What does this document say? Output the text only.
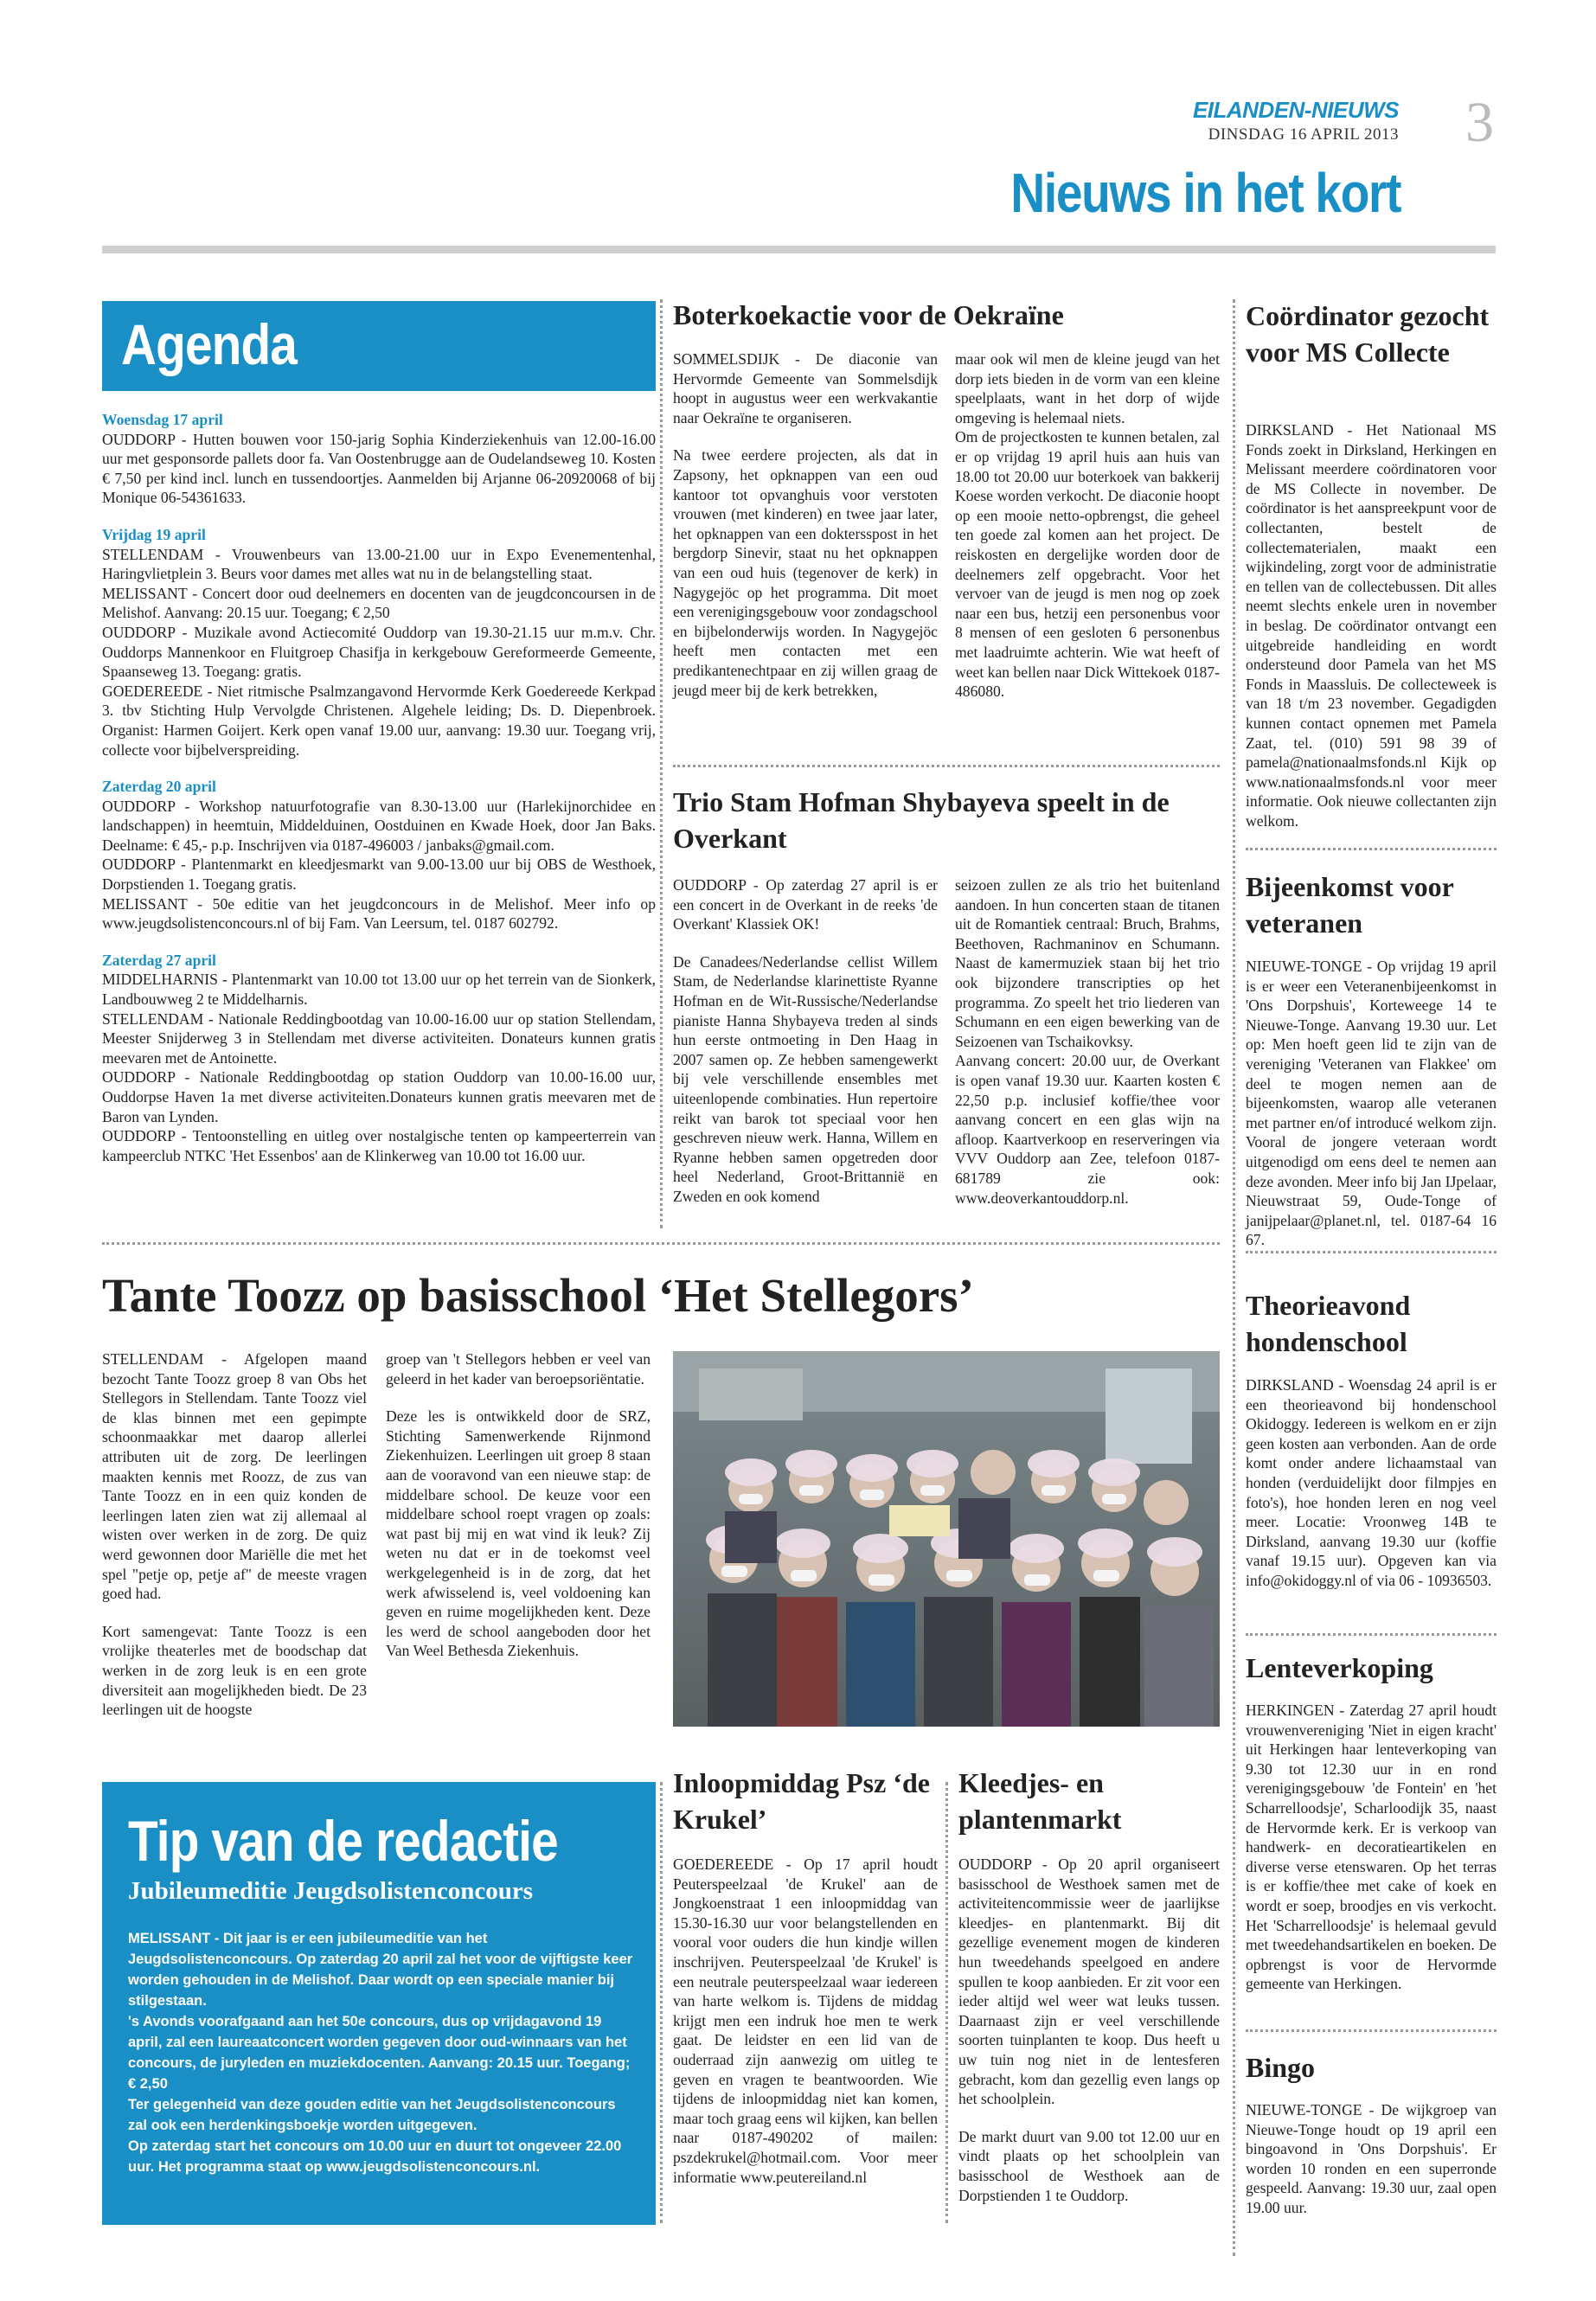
EILANDEN-NIEUWS
DINSDAG 16 APRIL 2013 3
Nieuws in het kort
Agenda
Woensdag 17 april

OUDDORP - Hutten bouwen voor 150-jarig Sophia Kinderziekenhuis van 12.00-16.00 uur met gesponsorde pallets door fa. Van Oostenbrugge aan de Oudelandseweg 10. Kosten € 7,50 per kind incl. lunch en tussendoortjes. Aanmelden bij Arjanne 06-20920068 of bij Monique 06-54361633.

Vrijdag 19 april

STELLENDAM - Vrouwenbeurs van 13.00-21.00 uur in Expo Evenementenhal, Haringvlietplein 3. Beurs voor dames met alles wat nu in de belangstelling staat.

MELISSANT - Concert door oud deelnemers en docenten van de jeugdconcoursen in de Melishof. Aanvang: 20.15 uur. Toegang; € 2,50

OUDDORP - Muzikale avond Actiecomité Ouddorp van 19.30-21.15 uur m.m.v. Chr. Ouddorps Mannenkoor en Fluitgroep Chasifja in kerkgebouw Gereformeerde Gemeente, Spaanseweg 13. Toegang: gratis.

GOEDEREEDE - Niet ritmische Psalmzangavond Hervormde Kerk Goedereede Kerkpad 3. tbv Stichting Hulp Vervolgde Christenen. Algehele leiding; Ds. D. Diepenbroek. Organist: Harmen Goijert. Kerk open vanaf 19.00 uur, aanvang: 19.30 uur. Toegang vrij, collecte voor bijbelverspreiding.

Zaterdag 20 april

OUDDORP - Workshop natuurfotografie van 8.30-13.00 uur (Harlekijnorchidee en landschappen) in heemtuin, Middelduinen, Oostduinen en Kwade Hoek, door Jan Baks. Deelname: € 45,- p.p. Inschrijven via 0187-496003 / janbaks@gmail.com.

OUDDORP - Plantenmarkt en kleedjesmarkt van 9.00-13.00 uur bij OBS de Westhoek, Dorpstienden 1. Toegang gratis.

MELISSANT - 50e editie van het jeugdconcours in de Melishof. Meer info op www.jeugdsolistenconcours.nl of bij Fam. Van Leersum, tel. 0187 602792.

Zaterdag 27 april

MIDDELHARNIS - Plantenmarkt van 10.00 tot 13.00 uur op het terrein van de Sionkerk, Landbouwweg 2 te Middelharnis.

STELLENDAM - Nationale Reddingbootdag van 10.00-16.00 uur op station Stellendam, Meester Snijderweg 3 in Stellendam met diverse activiteiten. Donateurs kunnen gratis meevaren met de Antoinette.

OUDDORP - Nationale Reddingbootdag op station Ouddorp van 10.00-16.00 uur, Ouddorpse Haven 1a met diverse activiteiten.Donateurs kunnen gratis meevaren met de Baron van Lynden.

OUDDORP - Tentoonstelling en uitleg over nostalgische tenten op kampeerterrein van kampeerclub NTKC 'Het Essenbos' aan de Klinkerweg van 10.00 tot 16.00 uur.

Boterkoekactie voor de Oekraïne

SOMMELSDIJK - De diaconie van Hervormde Gemeente van Sommelsdijk hoopt in augustus weer een werkvakantie naar Oekraïne te organiseren.

Na twee eerdere projecten, als dat in Zapsony, het opknappen van een oud kantoor tot opvanghuis voor verstoten vrouwen (met kinderen) en twee jaar later, het opknappen van een doktersspost in het bergdorp Sinevir, staat nu het opknappen van een oud huis (tegenover de kerk) in Nagygejöc op het programma. Dit moet een verenigingsgebouw voor zondagschool en bijbelonderwijs worden. In Nagygejöc heeft men contacten met een predikantenechtpaar en zij willen graag de jeugd meer bij de kerk betrekken,

maar ook wil men de kleine jeugd van het dorp iets bieden in de vorm van een kleine speelplaats, want in het dorp of wijde omgeving is helemaal niets.

Om de projectkosten te kunnen betalen, zal er op vrijdag 19 april huis aan huis van 18.00 tot 20.00 uur boterkoek van bakkerij Koese worden verkocht. De diaconie hoopt op een mooie netto-opbrengst, die geheel ten goede zal komen aan het project. De reiskosten en dergelijke worden door de deelnemers zelf opgebracht. Voor het vervoer van de jeugd is men nog op zoek naar een bus, hetzij een personenbus voor 8 mensen of een gesloten 6 personenbus met laadruimte achterin. Wie wat heeft of weet kan bellen naar Dick Wittekoek 0187-486080.

Trio Stam Hofman Shybayeva speelt in de Overkant

OUDDORP - Op zaterdag 27 april is er een concert in de Overkant in de reeks 'de Overkant' Klassiek OK!

De Canadees/Nederlandse cellist Willem Stam, de Nederlandse klarinettiste Ryanne Hofman en de Wit-Russische/Nederlandse pianiste Hanna Shybayeva treden al sinds hun eerste ontmoeting in Den Haag in 2007 samen op. Ze hebben samengewerkt bij vele verschillende ensembles met uiteenlopende combinaties. Hun repertoire reikt van barok tot speciaal voor hen geschreven nieuw werk. Hanna, Willem en Ryanne hebben samen opgetreden door heel Nederland, Groot-Brittannië en Zweden en ook komend

seizoen zullen ze als trio het buitenland aandoen. In hun concerten staan de titanen uit de Romantiek centraal: Bruch, Brahms, Beethoven, Rachmaninov en Schumann. Naast de kamermuziek staan bij het trio ook bijzondere transcripties op het programma. Zo speelt het trio liederen van Schumann en een eigen bewerking van de Seizoenen van Tschaikovksy.

Aanvang concert: 20.00 uur, de Overkant is open vanaf 19.30 uur. Kaarten kosten € 22,50 p.p. inclusief koffie/thee voor aanvang concert en een glas wijn na afloop. Kaartverkoop en reserveringen via VVV Ouddorp aan Zee, telefoon 0187-681789 zie ook: www.deoverkantouddorp.nl.

Coördinator gezocht voor MS Collecte

DIRKSLAND - Het Nationaal MS Fonds zoekt in Dirksland, Herkingen en Melissant meerdere coördinatoren voor de MS Collecte in november. De coördinator is het aanspreekpunt voor de collectanten, bestelt de collectematerialen, maakt een wijkindeling, zorgt voor de administratie en tellen van de collectebussen. Dit alles neemt slechts enkele uren in november in beslag. De coördinator ontvangt een uitgebreide handleiding en wordt ondersteund door Pamela van het MS Fonds in Maassluis. De collecteweek is van 18 t/m 23 november. Gegadigden kunnen contact opnemen met Pamela Zaat, tel. (010) 591 98 39 of pamela@nationaalmsfonds.nl Kijk op www.nationaalmsfonds.nl voor meer informatie. Ook nieuwe collectanten zijn welkom.

Bijeenkomst voor veteranen

NIEUWE-TONGE - Op vrijdag 19 april is er weer een Veteranenbijeenkomst in 'Ons Dorpshuis', Korteweege 14 te Nieuwe-Tonge. Aanvang 19.30 uur. Let op: Men hoeft geen lid te zijn van de vereniging 'Veteranen van Flakkee' om deel te mogen nemen aan de bijeenkomsten, waarop alle veteranen met partner en/of introducé welkom zijn. Vooral de jongere veteraan wordt uitgenodigd om eens deel te nemen aan deze avonden. Meer info bij Jan IJpelaar, Nieuwstraat 59, Oude-Tonge of janijpelaar@planet.nl, tel. 0187-64 16 67.

Theorieavond hondenschool

DIRKSLAND - Woensdag 24 april is er een theorieavond bij hondenschool Okidoggy. Iedereen is welkom en er zijn geen kosten aan verbonden. Aan de orde komt onder andere lichaamstaal van honden (verduidelijkt door filmpjes en foto's), hoe honden leren en nog veel meer. Locatie: Vroonweg 14B te Dirksland, aanvang 19.30 uur (koffie vanaf 19.15 uur). Opgeven kan via info@okidoggy.nl of via 06 - 10936503.

Lenteverkoping

HERKINGEN - Zaterdag 27 april houdt vrouwenvereniging 'Niet in eigen kracht' uit Herkingen haar lenteverkoping van 9.30 tot 12.30 uur in en rond verenigingsgebouw 'de Fontein' en 'het Scharrelloodsje', Scharloodijk 35, naast de Hervormde kerk. Er is verkoop van handwerk- en decoratieartikelen en diverse verse etenswaren. Op het terras is er koffie/thee met cake of koek en wordt er soep, broodjes en vis verkocht. Het 'Scharrelloodsje' is helemaal gevuld met tweedehandsartikelen en boeken. De opbrengst is voor de Hervormde gemeente van Herkingen.

Bingo

NIEUWE-TONGE - De wijkgroep van Nieuwe-Tonge houdt op 19 april een bingoavond in 'Ons Dorpshuis'. Er worden 10 ronden en een superronde gespeeld. Aanvang: 19.30 uur, zaal open 19.00 uur.

Tante Toozz op basisschool ‘Het Stellegors’

STELLENDAM - Afgelopen maand bezocht Tante Toozz groep 8 van Obs het Stellegors in Stellendam. Tante Toozz viel de klas binnen met een gepimpte schoonmaakkar met daarop allerlei attributen uit de zorg. De leerlingen maakten kennis met Roozz, de zus van Tante Toozz en in een quiz konden de leerlingen laten zien wat zij allemaal al wisten over werken in de zorg. De quiz werd gewonnen door Mariëlle die met het spel "petje op, petje af" de meeste vragen goed had.

Kort samengevat: Tante Toozz is een vrolijke theaterles met de boodschap dat werken in de zorg leuk is en een grote diversiteit aan mogelijkheden biedt. De 23 leerlingen uit de hoogste

groep van 't Stellegors hebben er veel van geleerd in het kader van beroepsoriëntatie.

Deze les is ontwikkeld door de SRZ, Stichting Samenwerkende Rijnmond Ziekenhuizen. Leerlingen uit groep 8 staan aan de vooravond van een nieuwe stap: de middelbare school. De keuze voor een middelbare school roept vragen op zoals: wat past bij mij en wat vind ik leuk? Zij weten nu dat er in de toekomst veel werkgelegenheid is in de zorg, dat het werk afwisselend is, veel voldoening kan geven en ruime mogelijkheden kent. Deze les werd de school aangeboden door het Van Weel Bethesda Ziekenhuis.

Tip van de redactie
Jubileumeditie Jeugdsolistenconcours

MELISSANT - Dit jaar is er een jubileumeditie van het Jeugdsolistenconcours. Op zaterdag 20 april zal het voor de vijftigste keer worden gehouden in de Melishof. Daar wordt op een speciale manier bij stilgestaan.

's Avonds voorafgaand aan het 50e concours, dus op vrijdagavond 19 april, zal een laureaatconcert worden gegeven door oud-winnaars van het concours, de juryleden en muziekdocenten. Aanvang: 20.15 uur. Toegang; € 2,50

Ter gelegenheid van deze gouden editie van het Jeugdsolistenconcours zal ook een herdenkingsboekje worden uitgegeven.

Op zaterdag start het concours om 10.00 uur en duurt tot ongeveer 22.00 uur. Het programma staat op www.jeugdsolistenconcours.nl.

Inloopmiddag Psz ‘de Krukel’

GOEDEREEDE - Op 17 april houdt Peuterspeelzaal 'de Krukel' aan de Jongkoenstraat 1 een inloopmiddag van 15.30-16.30 uur voor belangstellenden en vooral voor ouders die hun kindje willen inschrijven. Peuterspeelzaal 'de Krukel' is een neutrale peuterspeelzaal waar iedereen van harte welkom is. Tijdens de middag krijgt men een indruk hoe men te werk gaat. De leidster en een lid van de ouderraad zijn aanwezig om uitleg te geven en vragen te beantwoorden. Wie tijdens de inloopmiddag niet kan komen, maar toch graag eens wil kijken, kan bellen naar 0187-490202 of mailen: pszdekrukel@hotmail.com. Voor meer informatie www.peutereiland.nl

Kleedjes- en plantenmarkt

OUDDORP - Op 20 april organiseert basisschool de Westhoek samen met de activiteitencommissie weer de jaarlijkse kleedjes- en plantenmarkt. Bij dit gezellige evenement mogen de kinderen hun tweedehands speelgoed en andere spullen te koop aanbieden. Er zit voor een ieder altijd wel weer wat leuks tussen. Daarnaast zijn er veel verschillende soorten tuinplanten te koop. Dus heeft u uw tuin nog niet in de lentesferen gebracht, kom dan gezellig even langs op het schoolplein.

De markt duurt van 9.00 tot 12.00 uur en vindt plaats op het schoolplein van basisschool de Westhoek aan de Dorpstienden 1 te Ouddorp.
